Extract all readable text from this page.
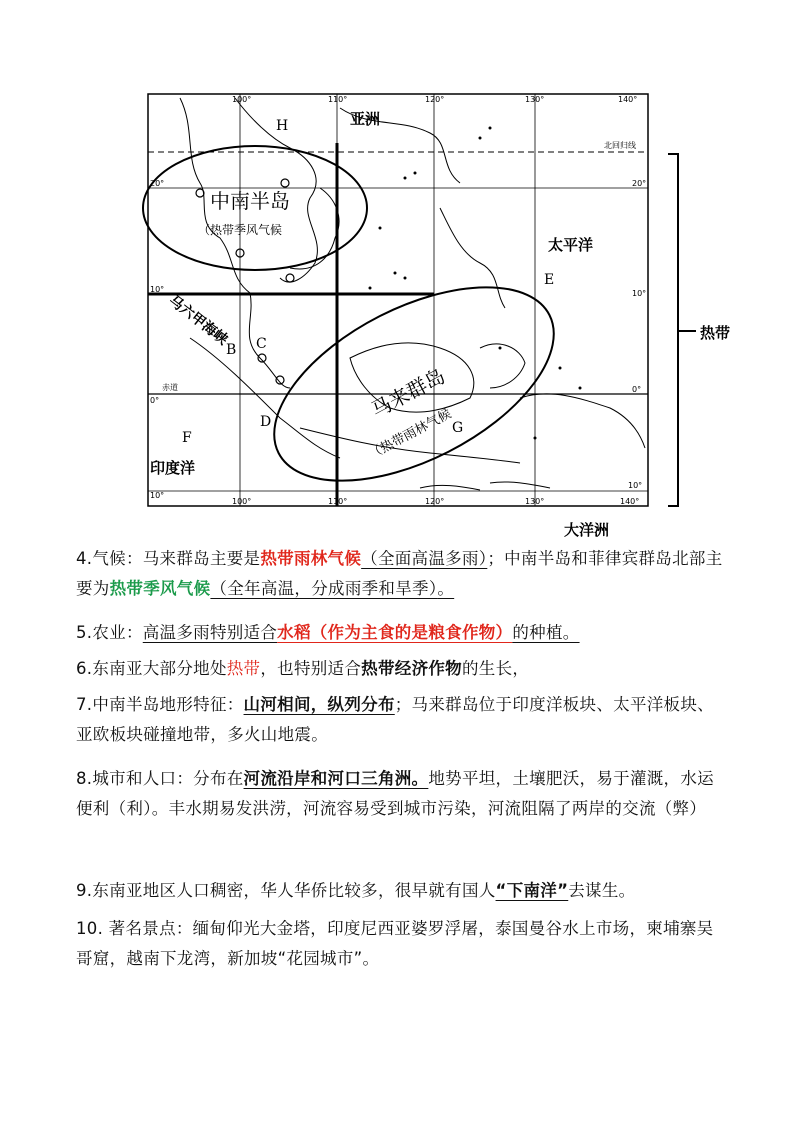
100°	110°	120°	130°	140°
100°	110°	120°	130°	140°
20°
10°
0°
10°
20°
10°
0°
10°
北回归线
赤道
亚洲
太平洋
印度洋
大洋洲
热带
中南半岛
（热带季风气候
马来群岛
（热带雨林气候
马六甲海峡
H
E
C
B
D
F
G
4.气候：马来群岛主要是热带雨林气候（全面高温多雨）；中南半岛和菲律宾群岛北部主要为热带季风气候（全年高温，分成雨季和旱季）。
5.农业：高温多雨特别适合水稻（作为主食的是粮食作物）的种植。
6.东南亚大部分地处热带，也特别适合热带经济作物的生长，
7.中南半岛地形特征：山河相间，纵列分布；马来群岛位于印度洋板块、太平洋板块、亚欧板块碰撞地带，多火山地震。
8.城市和人口：分布在河流沿岸和河口三角洲。地势平坦，土壤肥沃，易于灌溉，水运便利（利）。丰水期易发洪涝，河流容易受到城市污染，河流阻隔了两岸的交流（弊）
9.东南亚地区人口稠密，华人华侨比较多，很早就有国人“下南洋”去谋生。
10. 著名景点：缅甸仰光大金塔，印度尼西亚婆罗浮屠，泰国曼谷水上市场，柬埔寨吴哥窟，越南下龙湾，新加坡“花园城市”。
